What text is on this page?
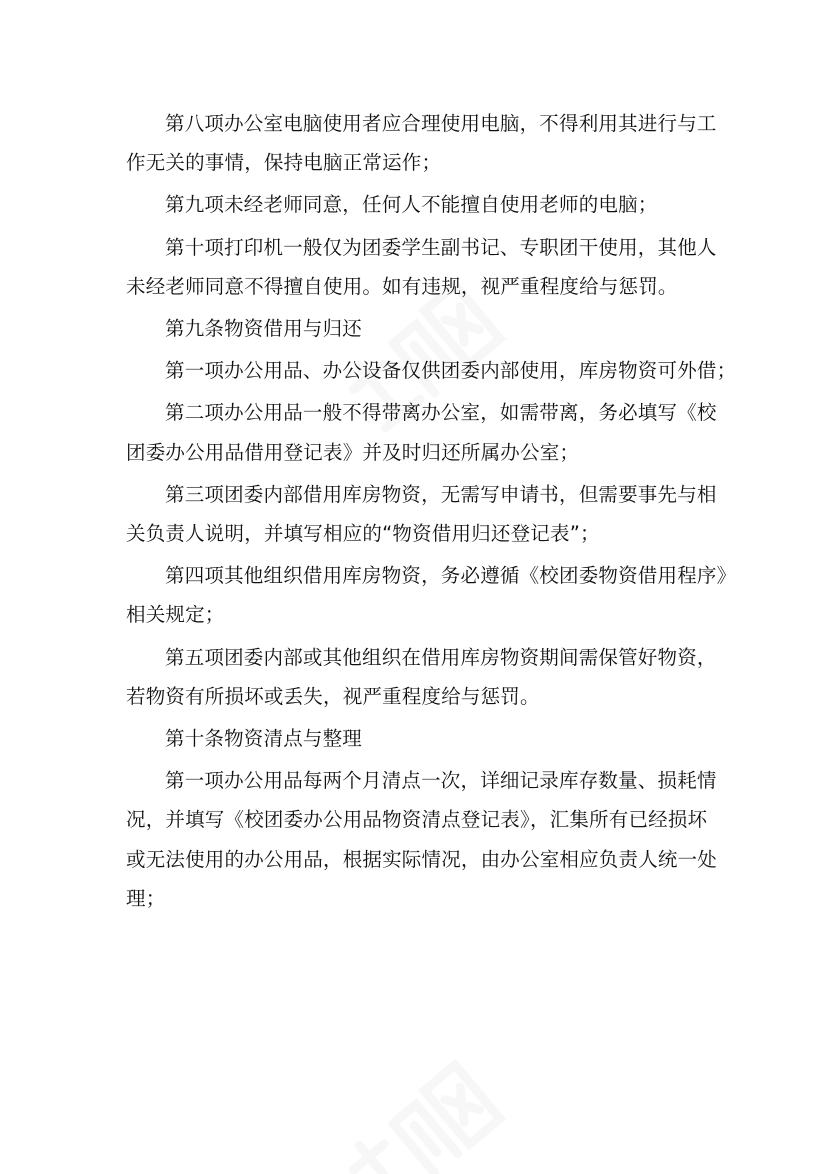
第八项办公室电脑使用者应合理使用电脑，不得利用其进行与工
作无关的事情，保持电脑正常运作；

第九项未经老师同意，任何人不能擅自使用老师的电脑；

第十项打印机一般仅为团委学生副书记、专职团干使用，其他人
未经老师同意不得擅自使用。如有违规，视严重程度给与惩罚。

第九条物资借用与归还

第一项办公用品、办公设备仅供团委内部使用，库房物资可外借；

第二项办公用品一般不得带离办公室，如需带离，务必填写《校
团委办公用品借用登记表》并及时归还所属办公室；

第三项团委内部借用库房物资，无需写申请书，但需要事先与相
关负责人说明，并填写相应的“物资借用归还登记表”；

第四项其他组织借用库房物资，务必遵循《校团委物资借用程序》
相关规定；

第五项团委内部或其他组织在借用库房物资期间需保管好物资，
若物资有所损坏或丢失，视严重程度给与惩罚。

第十条物资清点与整理

第一项办公用品每两个月清点一次，详细记录库存数量、损耗情
况，并填写《校团委办公用品物资清点登记表》，汇集所有已经损坏
或无法使用的办公用品，根据实际情况，由办公室相应负责人统一处
理；
